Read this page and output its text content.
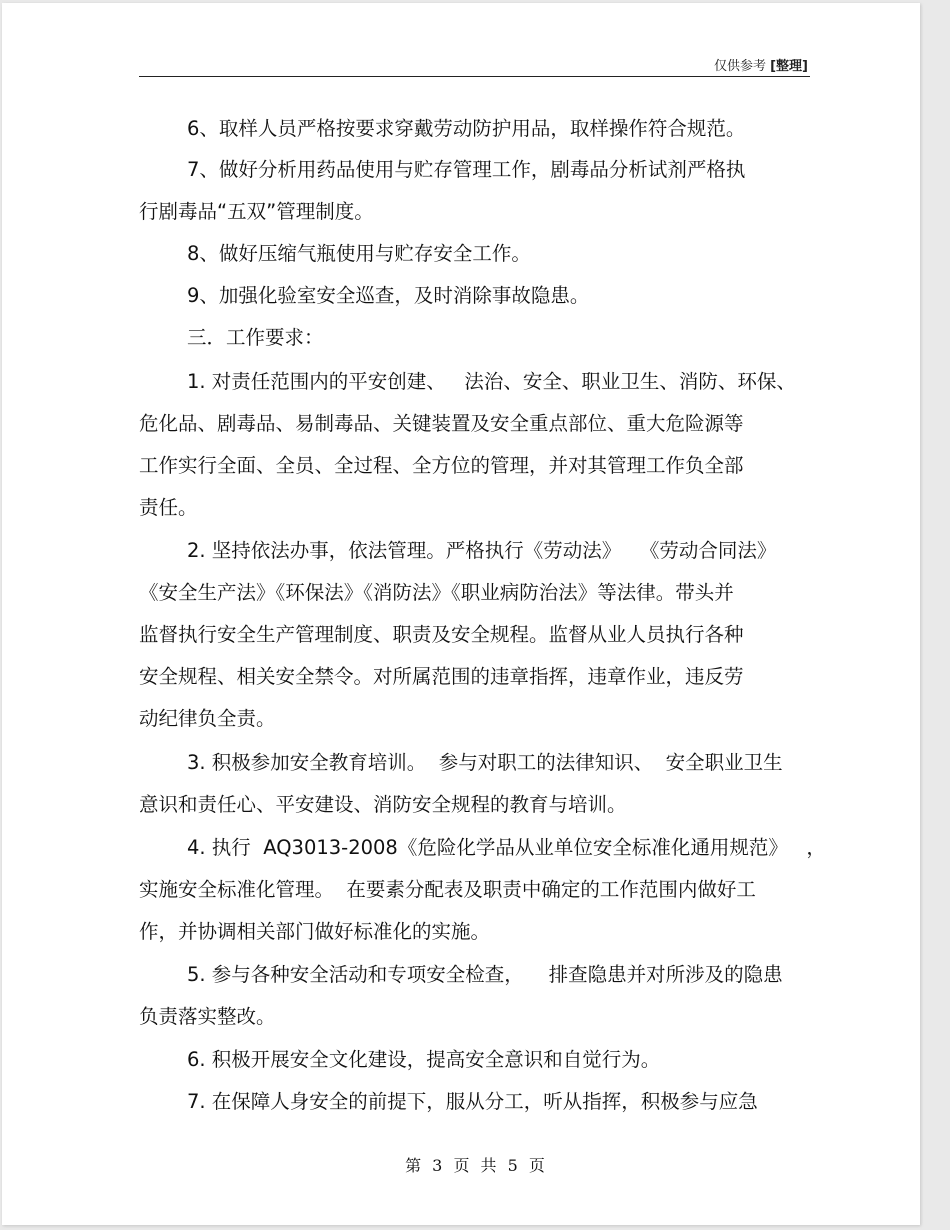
仅供参考 [整理]
6、取样人员严格按要求穿戴劳动防护用品，取样操作符合规范。
7、做好分析用药品使用与贮存管理工作，剧毒品分析试剂严格执
行剧毒品“五双”管理制度。
8、做好压缩气瓶使用与贮存安全工作。
9、加强化验室安全巡查，及时消除事故隐患。
三．工作要求：
1. 对责任范围内的平安创建、   法治、安全、职业卫生、消防、环保、
危化品、剧毒品、易制毒品、关键装置及安全重点部位、重大危险源等
工作实行全面、全员、全过程、全方位的管理，并对其管理工作负全部
责任。
2. 坚持依法办事，依法管理。严格执行《劳动法》   《劳动合同法》
《安全生产法》《环保法》《消防法》《职业病防治法》等法律。带头并
监督执行安全生产管理制度、职责及安全规程。监督从业人员执行各种
安全规程、相关安全禁令。对所属范围的违章指挥，违章作业，违反劳
动纪律负全责。
3. 积极参加安全教育培训。  参与对职工的法律知识、  安全职业卫生
意识和责任心、平安建设、消防安全规程的教育与培训。
4. 执行  AQ3013-2008《危险化学品从业单位安全标准化通用规范》   ，
实施安全标准化管理。  在要素分配表及职责中确定的工作范围内做好工
作，并协调相关部门做好标准化的实施。
5. 参与各种安全活动和专项安全检查，    排查隐患并对所涉及的隐患
负责落实整改。
6. 积极开展安全文化建设，提高安全意识和自觉行为。
7. 在保障人身安全的前提下，服从分工，听从指挥，积极参与应急
第 3 页 共 5 页
